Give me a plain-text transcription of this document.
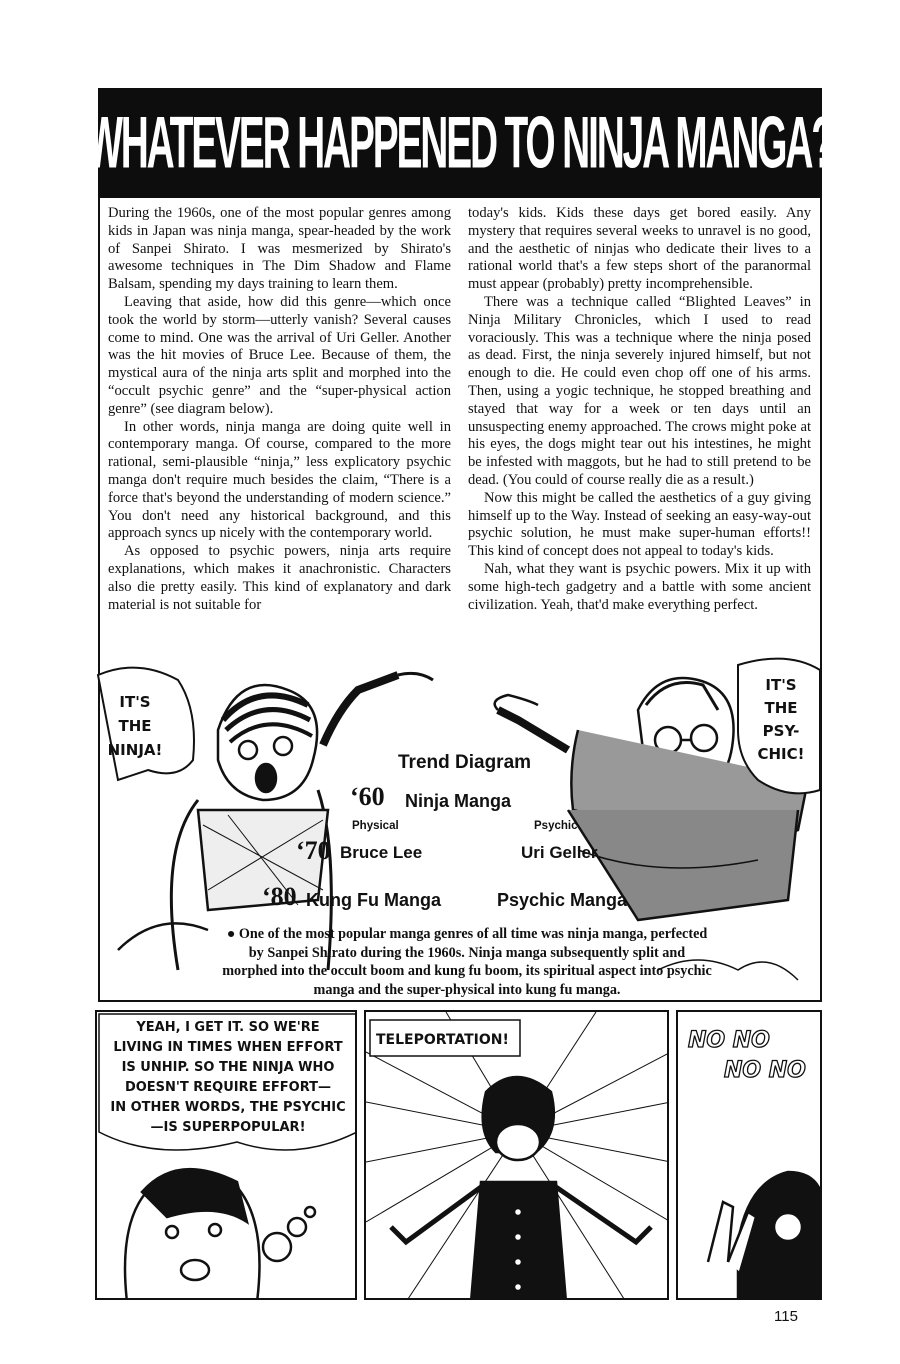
WHATEVER HAPPENED TO NINJA MANGA?

During the 1960s, one of the most popular genres among kids in Japan was ninja manga, spear-headed by the work of Sanpei Shirato. I was mesmerized by Shirato's awesome techniques in The Dim Shadow and Flame Balsam, spending my days training to learn them.

Leaving that aside, how did this genre—which once took the world by storm—utterly vanish? Several causes come to mind. One was the arrival of Uri Geller. Another was the hit movies of Bruce Lee. Because of them, the mystical aura of the ninja arts split and morphed into the “occult psychic genre” and the “super-physical action genre” (see diagram below).

In other words, ninja manga are doing quite well in contemporary manga. Of course, compared to the more rational, semi-plausible “ninja,” less explicatory psychic manga don't require much besides the claim, “There is a force that's beyond the understanding of modern science.” You don't need any historical background, and this approach syncs up nicely with the contemporary world.

As opposed to psychic powers, ninja arts require explanations, which makes it anachronistic. Characters also die pretty easily. This kind of explanatory and dark material is not suitable for

today's kids. Kids these days get bored easily. Any mystery that requires several weeks to unravel is no good, and the aesthetic of ninjas who dedicate their lives to a rational world that's a few steps short of the paranormal must appear (probably) pretty incomprehensible.

There was a technique called “Blighted Leaves” in Ninja Military Chronicles, which I used to read voraciously. This was a technique where the ninja posed as dead. First, the ninja severely injured himself, but not enough to die. He could even chop off one of his arms. Then, using a yogic technique, he stopped breathing and stayed that way for a week or ten days until an unsuspecting enemy approached. The crows might poke at his eyes, the dogs might tear out his intestines, he might be infested with maggots, but he had to still pretend to be dead. (You could of course really die as a result.)

Now this might be called the aesthetics of a guy giving himself up to the Way. Instead of seeking an easy-way-out psychic solution, he must make super-human efforts!! This kind of concept does not appeal to today's kids.

Nah, what they want is psychic powers. Mix it up with some high-tech gadgetry and a battle with some ancient civilization. Yeah, that'd make everything perfect.

IT'S
THE
NINJA!
IT'S
THE
PSY-
CHIC!
Trend Diagram
‘60 Ninja Manga
Physical	Psychic
‘70 Bruce Lee	Uri Geller
‘80 Kung Fu Manga	Psychic Manga
● One of the most popular manga genres of all time was ninja manga, perfected by Sanpei Shirato during the 1960s. Ninja manga subsequently split and morphed into the occult boom and kung fu boom, its spiritual aspect into psychic manga and the super-physical into kung fu manga.
YEAH, I GET IT. SO WE'RE
LIVING IN TIMES WHEN EFFORT
IS UNHIP. SO THE NINJA WHO
DOESN'T REQUIRE EFFORT—
IN OTHER WORDS, THE PSYCHIC
—IS SUPERPOPULAR!
TELEPORTATION!	NO NO
NO NO
115
